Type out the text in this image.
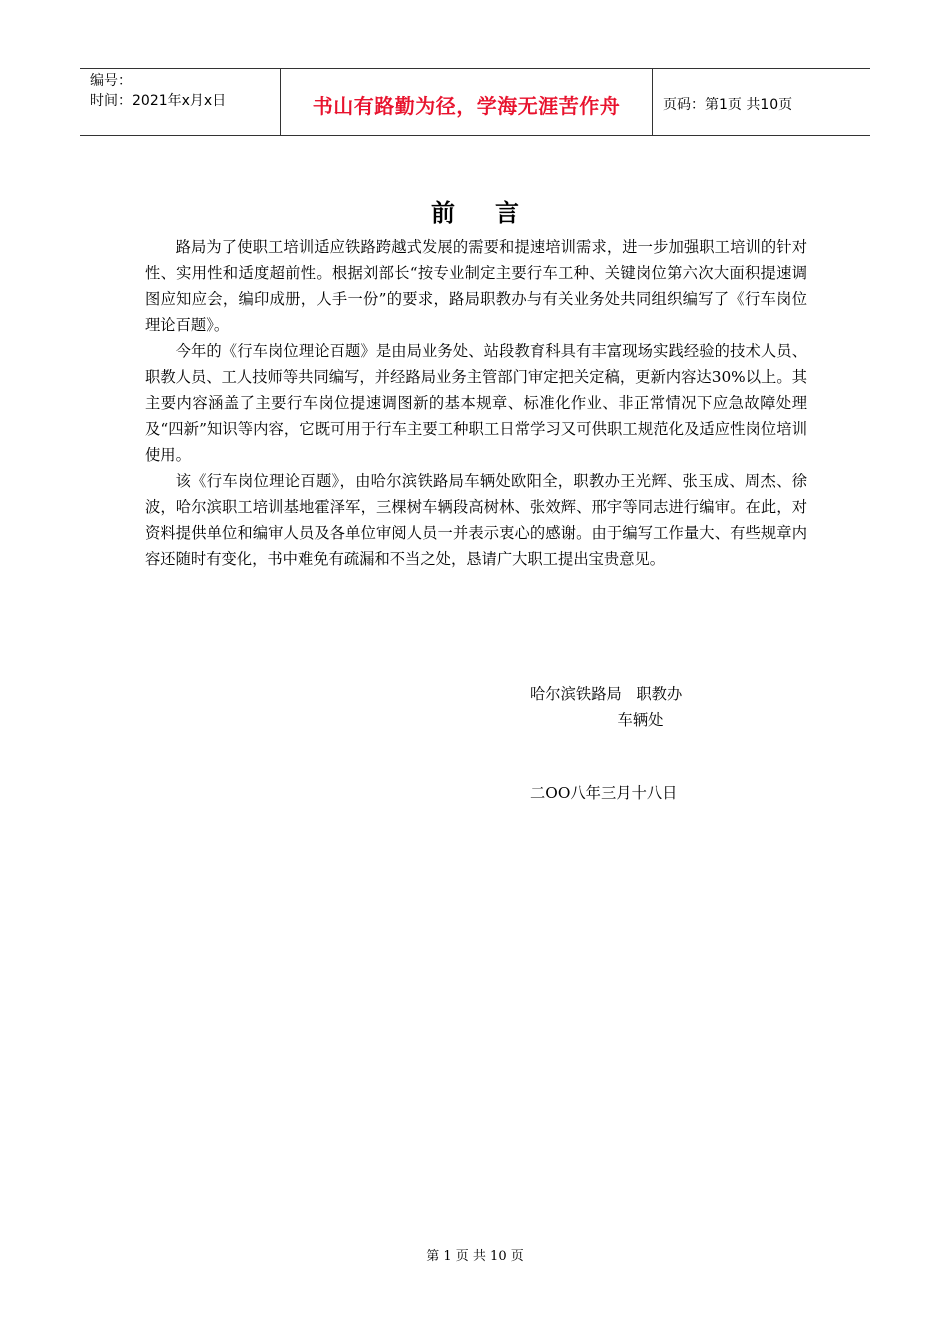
编号：
时间：2021年x月x日	书山有路勤为径，学海无涯苦作舟	页码：第1页 共10页
前言

路局为了使职工培训适应铁路跨越式发展的需要和提速培训需求，进一步加强职工培训的针对性、实用性和适度超前性。根据刘部长“按专业制定主要行车工种、关键岗位第六次大面积提速调图应知应会，编印成册，人手一份”的要求，路局职教办与有关业务处共同组织编写了《行车岗位理论百题》。

今年的《行车岗位理论百题》是由局业务处、站段教育科具有丰富现场实践经验的技术人员、职教人员、工人技师等共同编写，并经路局业务主管部门审定把关定稿，更新内容达30%以上。其主要内容涵盖了主要行车岗位提速调图新的基本规章、标准化作业、非正常情况下应急故障处理及“四新”知识等内容，它既可用于行车主要工种职工日常学习又可供职工规范化及适应性岗位培训使用。

该《行车岗位理论百题》，由哈尔滨铁路局车辆处欧阳全，职教办王光辉、张玉成、周杰、徐波，哈尔滨职工培训基地霍泽军，三棵树车辆段高树林、张效辉、邢宇等同志进行编审。在此，对资料提供单位和编审人员及各单位审阅人员一并表示衷心的感谢。由于编写工作量大、有些规章内容还随时有变化，书中难免有疏漏和不当之处，恳请广大职工提出宝贵意见。

哈尔滨铁路局   职教办
车辆处
二OO八年三月十八日
第 1 页 共 10 页
